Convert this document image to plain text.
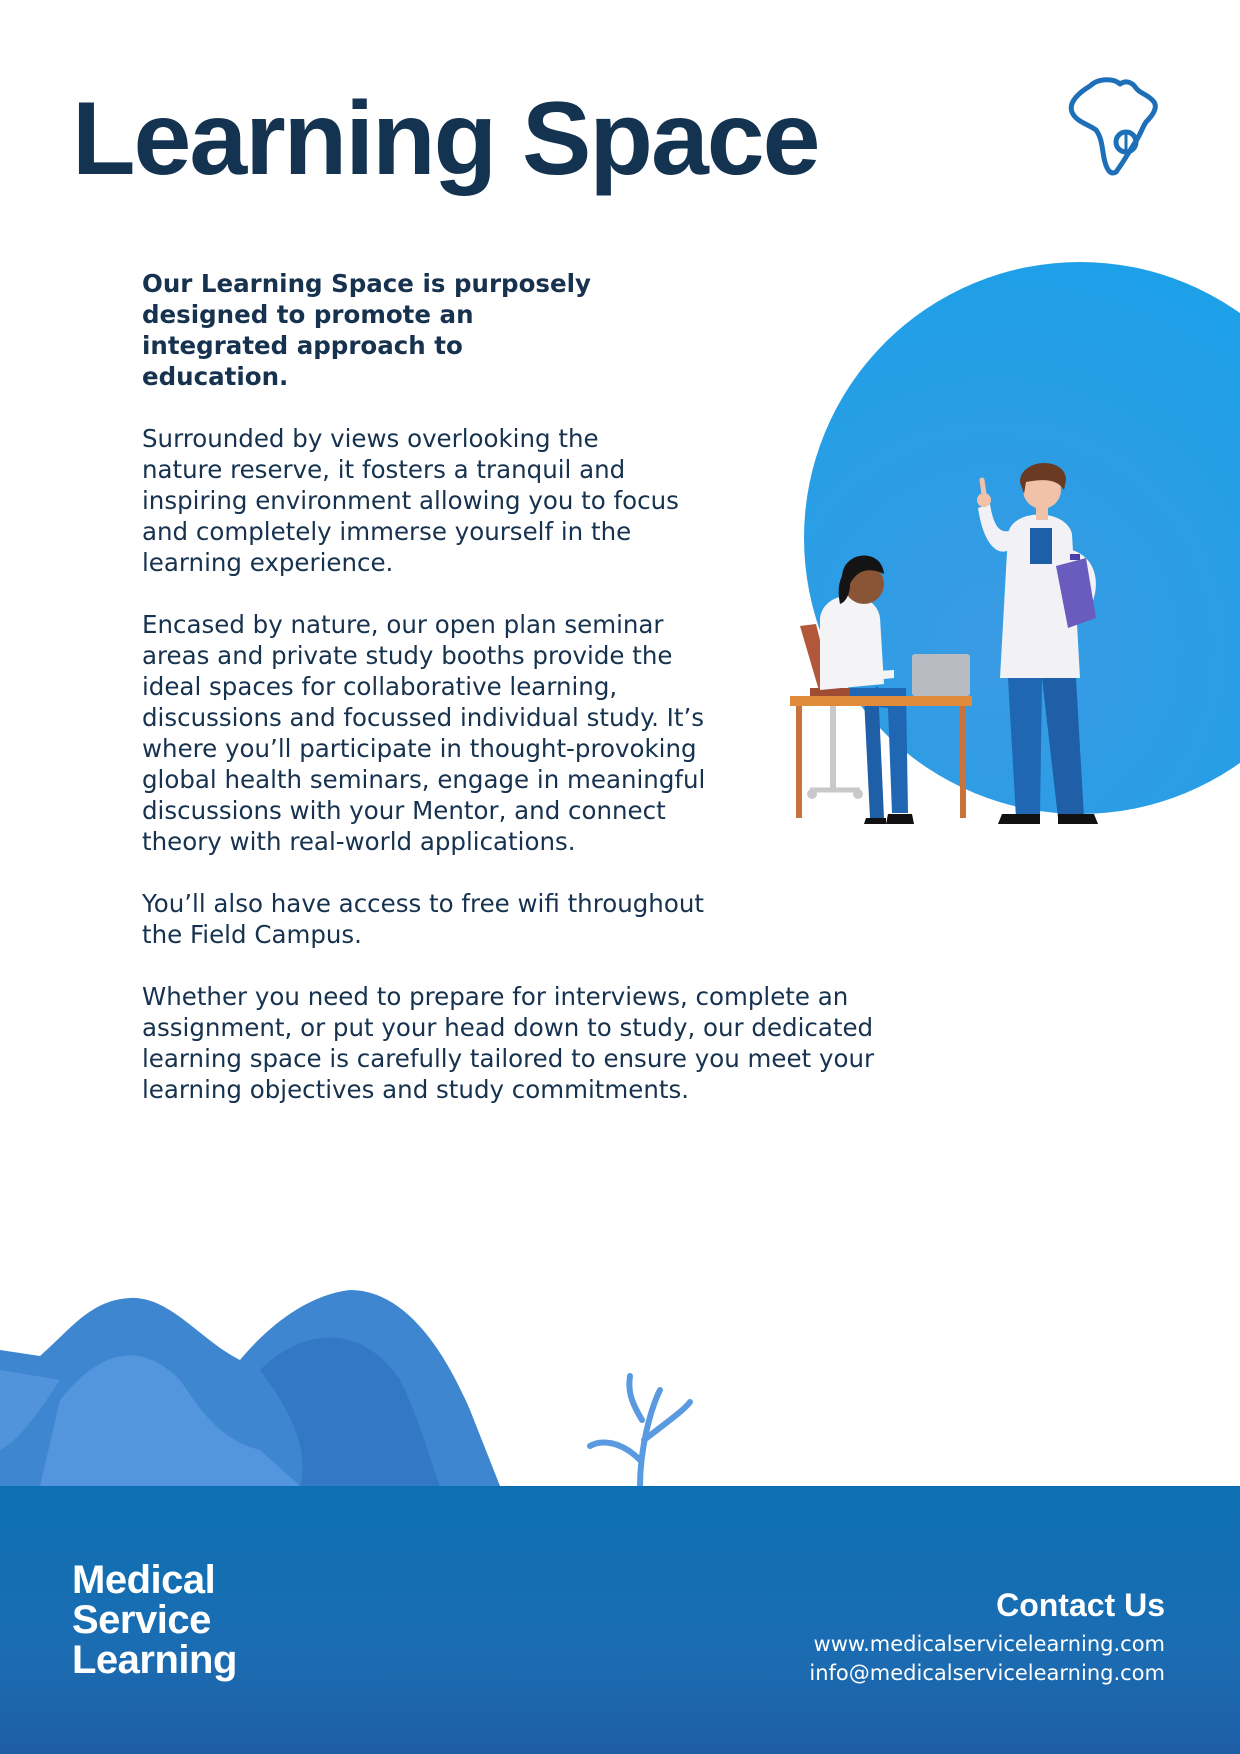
Learning Space

Our Learning Space is purposely designed to promote an integrated approach to education.

Surrounded by views overlooking the nature reserve, it fosters a tranquil and inspiring environment allowing you to focus and completely immerse yourself in the learning experience.

Encased by nature, our open plan seminar areas and private study booths provide the ideal spaces for collaborative learning, discussions and focussed individual study. It’s where you’ll participate in thought-provoking global health seminars, engage in meaningful discussions with your Mentor, and connect theory with real-world applications.

You’ll also have access to free wifi throughout the Field Campus.

Whether you need to prepare for interviews, complete an assignment, or put your head down to study, our dedicated learning space is carefully tailored to ensure you meet your learning objectives and study commitments.

Medical
Service
Learning
Contact Us
www.medicalservicelearning.com
info@medicalservicelearning.com
